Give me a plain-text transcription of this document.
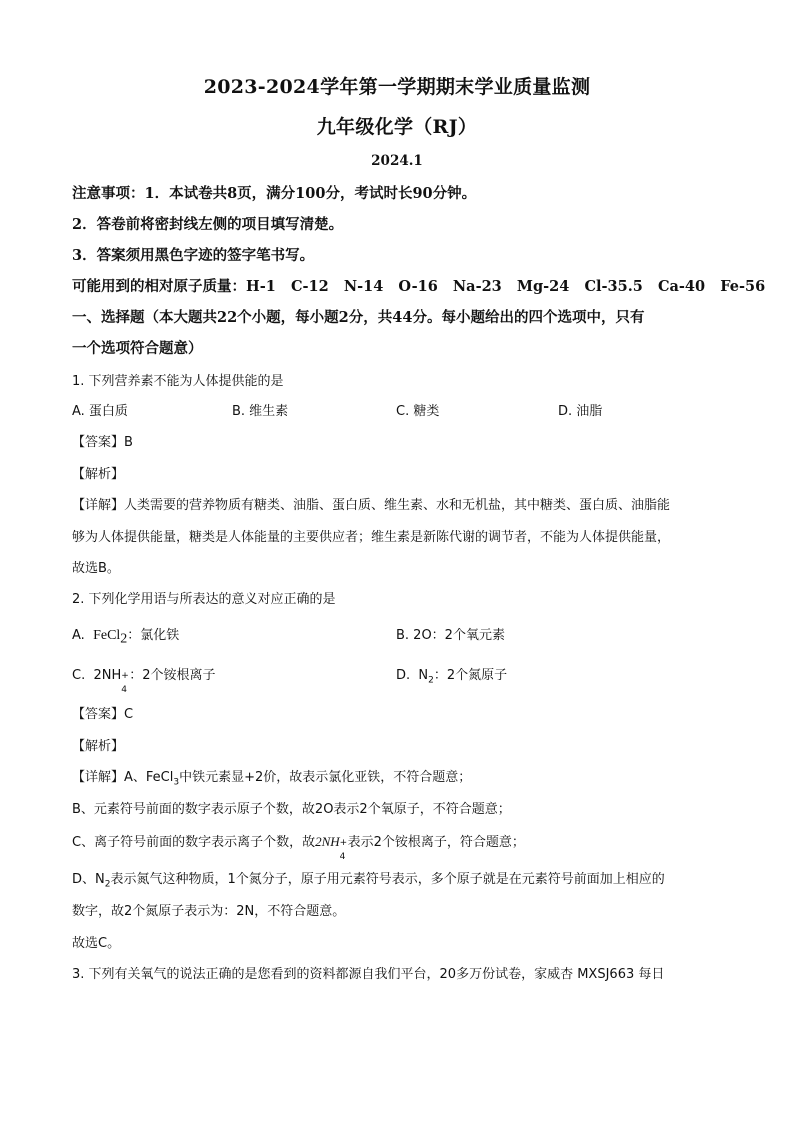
2023-2024学年第一学期期末学业质量监测
九年级化学（RJ）
2024.1
注意事项：1．本试卷共8页，满分100分，考试时长90分钟。
2．答卷前将密封线左侧的项目填写清楚。
3．答案须用黑色字迹的签字笔书写。
可能用到的相对原子质量：H-1   C-12   N-14   O-16   Na-23   Mg-24   Cl-35.5   Ca-40   Fe-56
一、选择题（本大题共22个小题，每小题2分，共44分。每小题给出的四个选项中，只有
一个选项符合题意）
1. 下列营养素不能为人体提供能的是
A. 蛋白质	B. 维生素	C. 糖类	D. 油脂
【答案】B
【解析】
【详解】人类需要的营养物质有糖类、油脂、蛋白质、维生素、水和无机盐，其中糖类、蛋白质、油脂能
够为人体提供能量，糖类是人体能量的主要供应者；维生素是新陈代谢的调节者，不能为人体提供能量，
故选B。
2. 下列化学用语与所表达的意义对应正确的是
A.  FeCl$_2$：氯化铁	B. 2O：2个氧元素
C.  2NH +
4
：2个铵根离子	D.  $N_2$：2个氮原子
【答案】C
【解析】
【详解】A、FeCl$_3$中铁元素显+2价，故表示氯化亚铁，不符合题意；
B、元素符号前面的数字表示原子个数，故2O表示2个氧原子，不符合题意；
C、离子符号前面的数字表示离子个数，故2NH +
4
表示2个铵根离子，符合题意；
D、$N_2$表示氮气这种物质，1个氮分子，原子用元素符号表示，多个原子就是在元素符号前面加上相应的
数字，故2个氮原子表示为：2N，不符合题意。
故选C。
3. 下列有关氧气的说法正确的是您看到的资料都源自我们平台，20多万份试卷，家威杏 MXSJ663 每日
